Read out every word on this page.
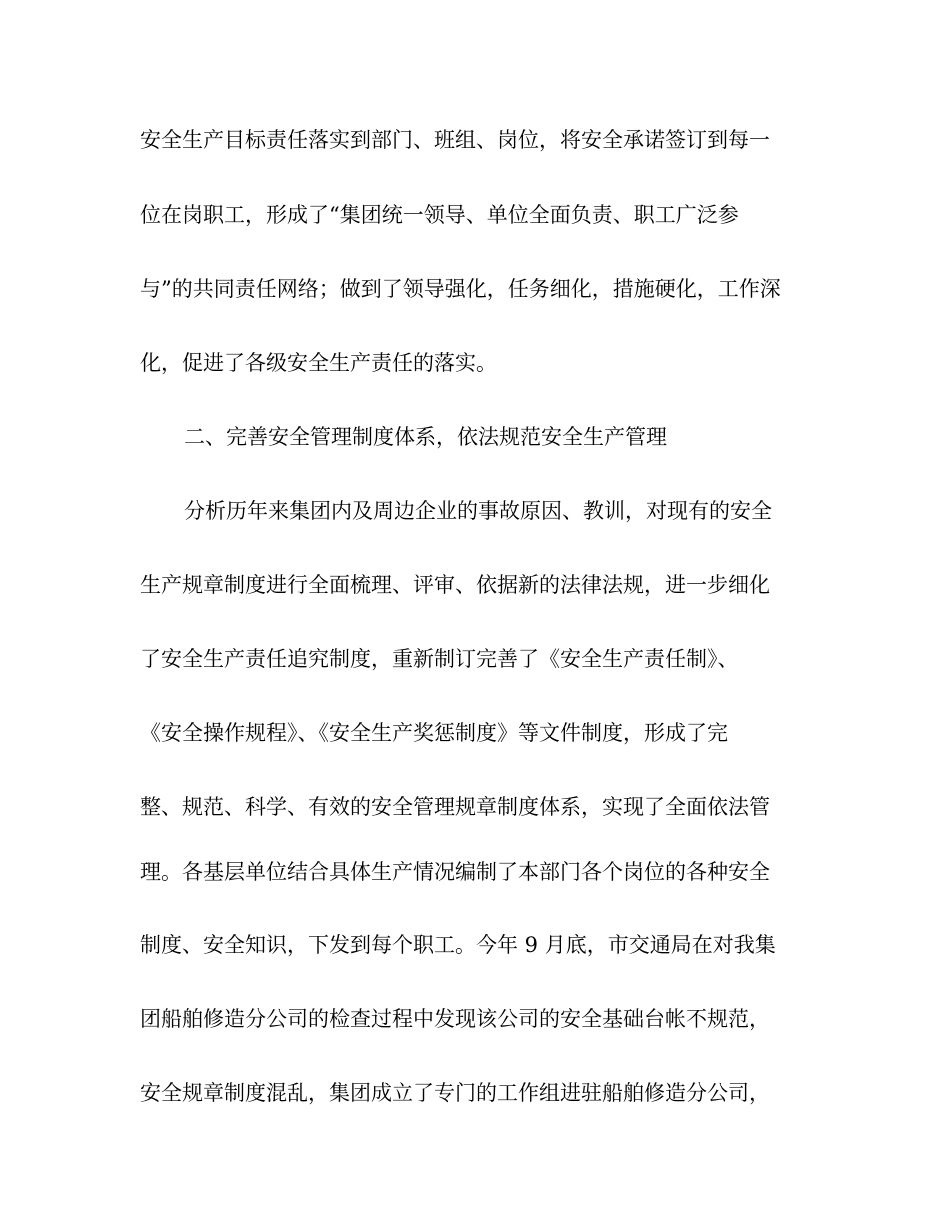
安全生产目标责任落实到部门、班组、岗位，将安全承诺签订到每一
位在岗职工，形成了“集团统一领导、单位全面负责、职工广泛参
与”的共同责任网络；做到了领导强化，任务细化，措施硬化，工作深
化，促进了各级安全生产责任的落实。
二、完善安全管理制度体系，依法规范安全生产管理
分析历年来集团内及周边企业的事故原因、教训，对现有的安全
生产规章制度进行全面梳理、评审、依据新的法律法规，进一步细化
了安全生产责任追究制度，重新制订完善了《安全生产责任制》、
《安全操作规程》、《安全生产奖惩制度》等文件制度，形成了完
整、规范、科学、有效的安全管理规章制度体系，实现了全面依法管
理。各基层单位结合具体生产情况编制了本部门各个岗位的各种安全
制度、安全知识，下发到每个职工。今年 9 月底，市交通局在对我集
团船舶修造分公司的检查过程中发现该公司的安全基础台帐不规范，
安全规章制度混乱，集团成立了专门的工作组进驻船舶修造分公司，
